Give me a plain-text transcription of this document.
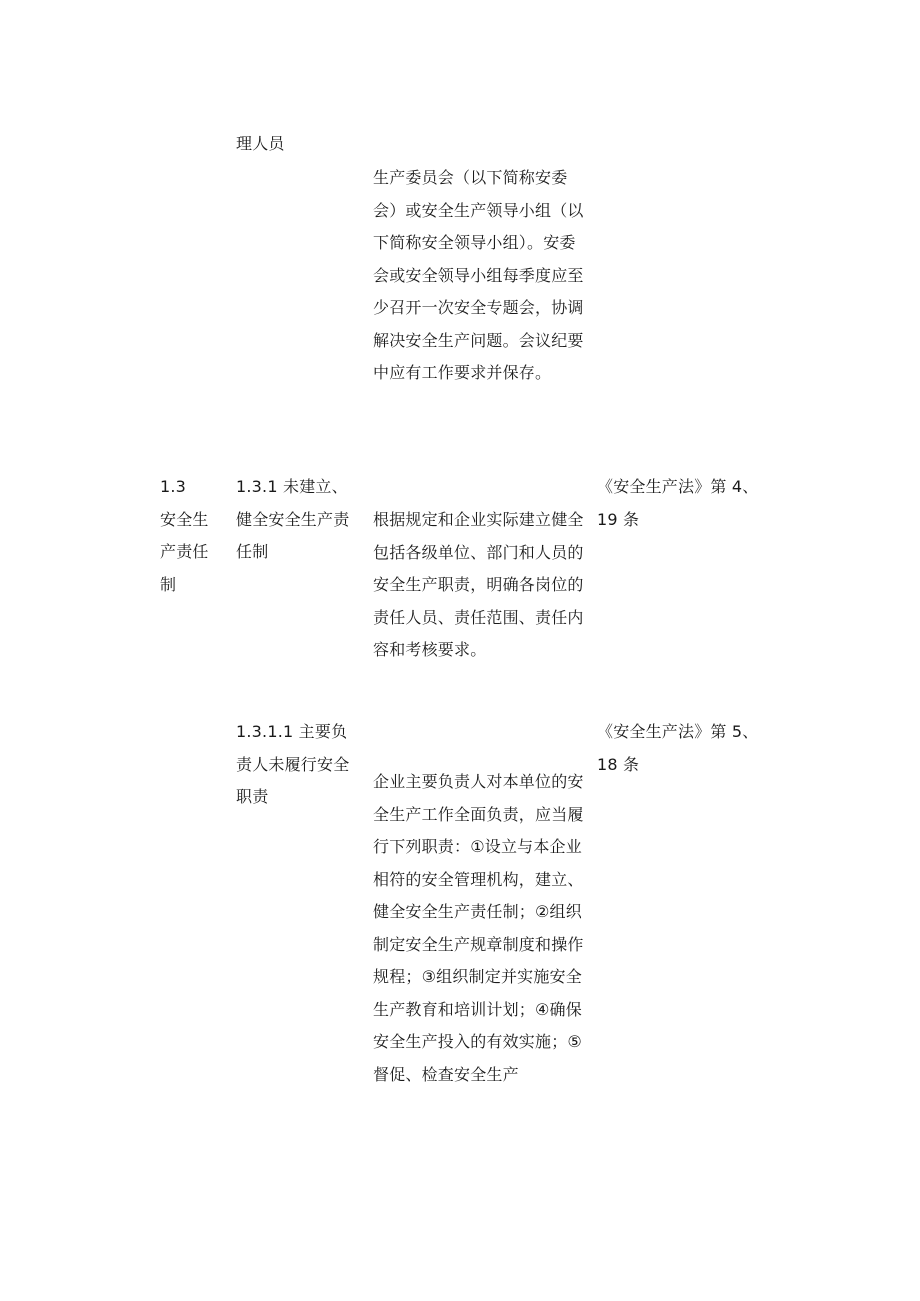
理人员

生产委员会（以下简称安委会）或安全生产领导小组（以下简称安全领导小组）。安委会或安全领导小组每季度应至少召开一次安全专题会，协调解决安全生产问题。会议纪要中应有工作要求并保存。

1.3
安全生产责任制

1.3.1 未建立、健全安全生产责任制

根据规定和企业实际建立健全包括各级单位、部门和人员的安全生产职责，明确各岗位的责任人员、责任范围、责任内容和考核要求。

《安全生产法》第 4、19 条

1.3.1.1 主要负责人未履行安全职责

企业主要负责人对本单位的安全生产工作全面负责，应当履行下列职责：①设立与本企业相符的安全管理机构，建立、健全安全生产责任制；②组织制定安全生产规章制度和操作规程；③组织制定并实施安全生产教育和培训计划；④确保安全生产投入的有效实施；⑤督促、检查安全生产

《安全生产法》第 5、18 条
